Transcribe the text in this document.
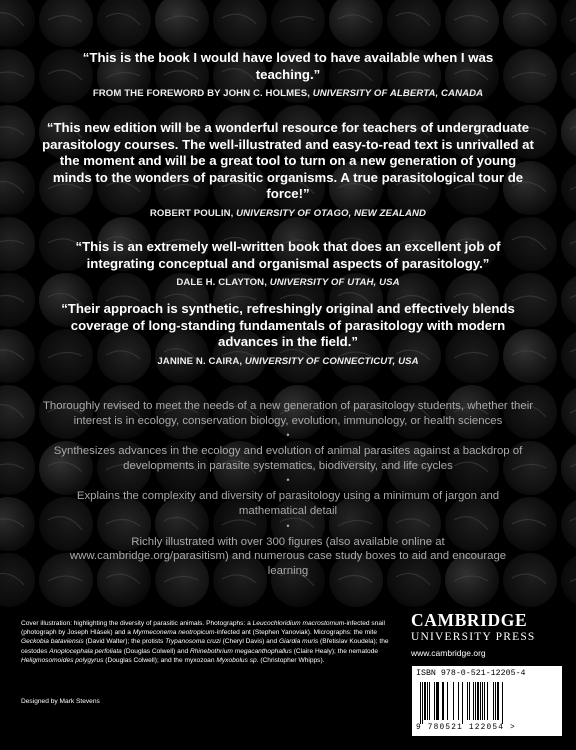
“This is the book I would have loved to have available when I was teaching.”

FROM THE FOREWORD BY JOHN C. HOLMES, UNIVERSITY OF ALBERTA, CANADA

“This new edition will be a wonderful resource for teachers of undergraduate parasitology courses. The well-illustrated and easy-to-read text is unrivalled at the moment and will be a great tool to turn on a new generation of young minds to the wonders of parasitic organisms. A true parasitological tour de force!”

ROBERT POULIN, UNIVERSITY OF OTAGO, NEW ZEALAND

“This is an extremely well-written book that does an excellent job of integrating conceptual and organismal aspects of parasitology.”

DALE H. CLAYTON, UNIVERSITY OF UTAH, USA

“Their approach is synthetic, refreshingly original and effectively blends coverage of long-standing fundamentals of parasitology with modern advances in the field.”

JANINE N. CAIRA, UNIVERSITY OF CONNECTICUT, USA

Thoroughly revised to meet the needs of a new generation of parasitology students, whether their interest is in ecology, conservation biology, evolution, immunology, or health sciences

•

Synthesizes advances in the ecology and evolution of animal parasites against a backdrop of developments in parasite systematics, biodiversity, and life cycles

•

Explains the complexity and diversity of parasitology using a minimum of jargon and mathematical detail

•

Richly illustrated with over 300 figures (also available online at www.cambridge.org/parasitism) and numerous case study boxes to aid and encourage learning

Cover illustration: highlighting the diversity of parasitic animals. Photographs: a Leucochloridium macrostomum-infected snail (photograph by Joseph Hlásek) and a Myrmeconema neotropicum-infected ant (Stephen Yanoviak). Micrographs: the mite Geckobia bataviensis (David Walter); the protists Trypanosoma cruzi (Cheryl Davis) and Giardia muris (Břetislav Koudela); the cestodes Anoplocephala perfoliata (Douglas Colwell) and Rhinebothrium megacanthophallus (Claire Healy); the nematode Heligmosomoides polygyrus (Douglas Colwell); and the myxozoan Myxobolus sp. (Christopher Whipps).
Designed by Mark Stevens
CAMBRIDGE
UNIVERSITY PRESS
www.cambridge.org
ISBN 978-0-521-12205-4
9 780521 122054 >
